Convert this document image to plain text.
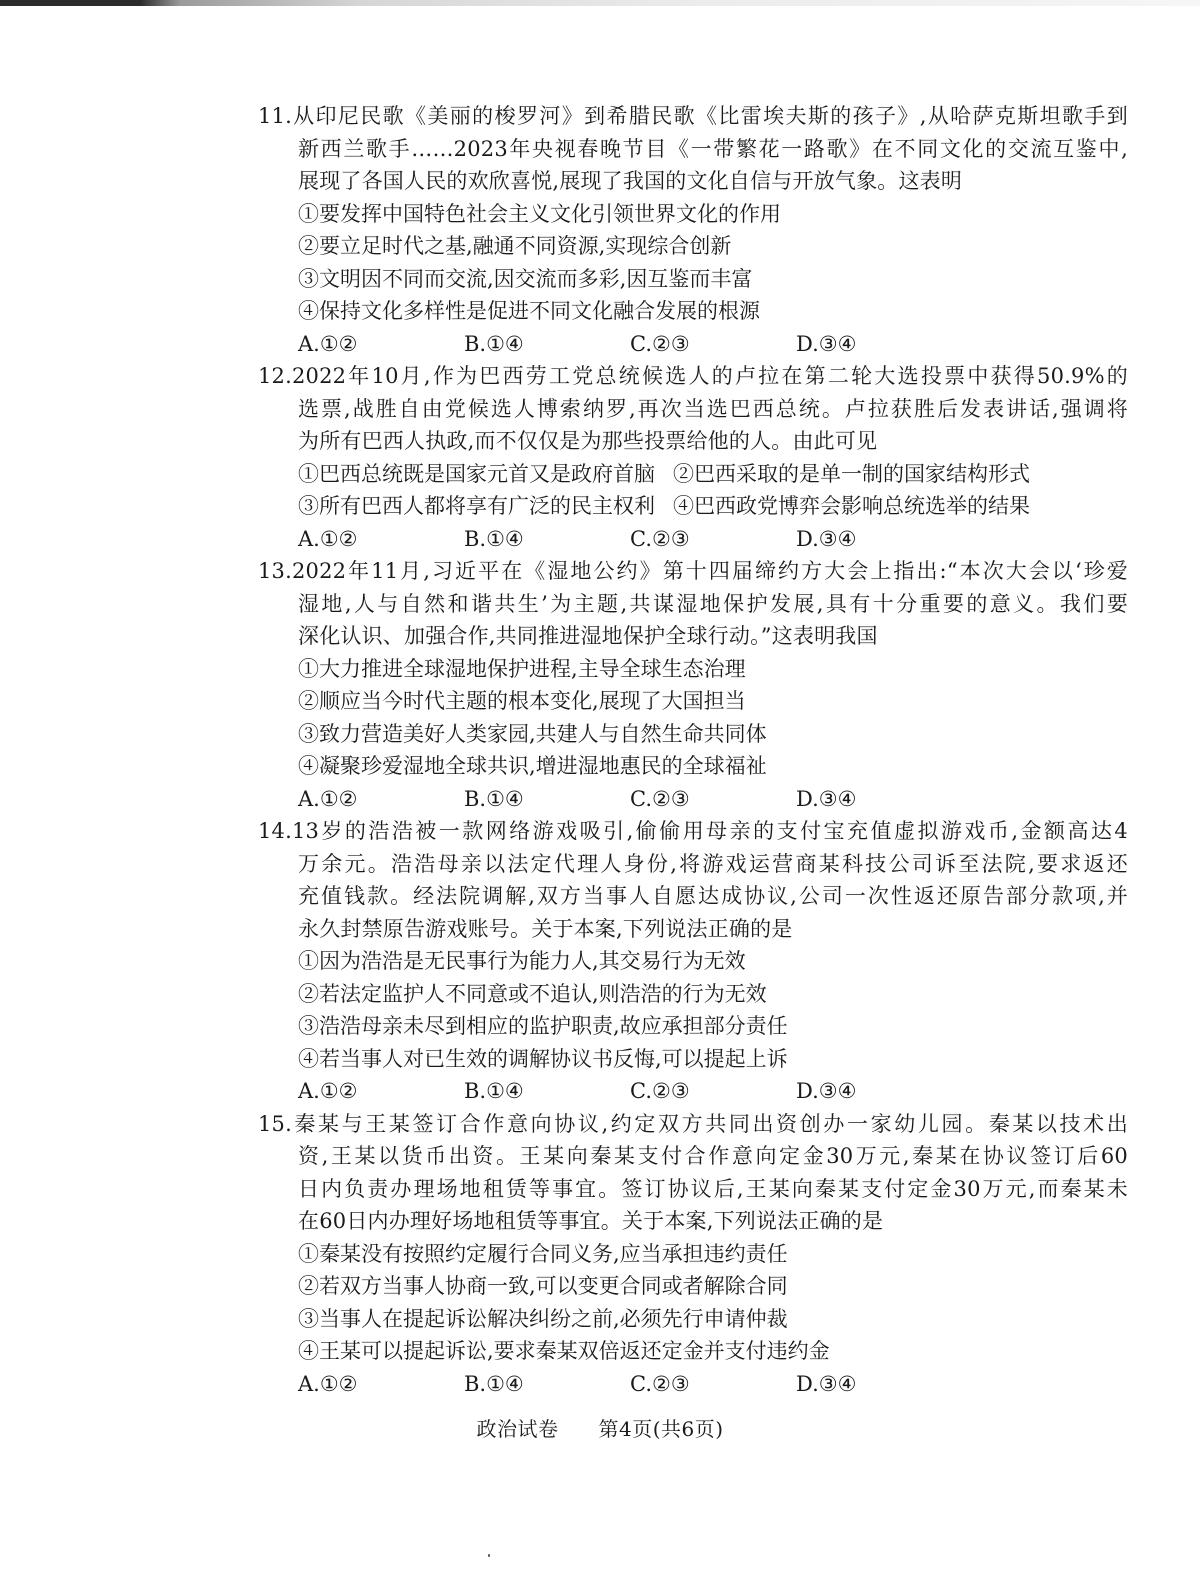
11.从印尼民歌《美丽的梭罗河》到希腊民歌《比雷埃夫斯的孩子》,从哈萨克斯坦歌手到
新西兰歌手……2023年央视春晚节目《一带繁花一路歌》在不同文化的交流互鉴中,
展现了各国人民的欢欣喜悦,展现了我国的文化自信与开放气象。这表明
①要发挥中国特色社会主义文化引领世界文化的作用
②要立足时代之基,融通不同资源,实现综合创新
③文明因不同而交流,因交流而多彩,因互鉴而丰富
④保持文化多样性是促进不同文化融合发展的根源
A.①②	B.①④	C.②③	D.③④
12.2022年10月,作为巴西劳工党总统候选人的卢拉在第二轮大选投票中获得50.9%的
选票,战胜自由党候选人博索纳罗,再次当选巴西总统。卢拉获胜后发表讲话,强调将
为所有巴西人执政,而不仅仅是为那些投票给他的人。由此可见
①巴西总统既是国家元首又是政府首脑 ②巴西采取的是单一制的国家结构形式
③所有巴西人都将享有广泛的民主权利 ④巴西政党博弈会影响总统选举的结果
A.①②	B.①④	C.②③	D.③④
13.2022年11月,习近平在《湿地公约》第十四届缔约方大会上指出:“本次大会以‘珍爱
湿地,人与自然和谐共生’为主题,共谋湿地保护发展,具有十分重要的意义。我们要
深化认识、加强合作,共同推进湿地保护全球行动。”这表明我国
①大力推进全球湿地保护进程,主导全球生态治理
②顺应当今时代主题的根本变化,展现了大国担当
③致力营造美好人类家园,共建人与自然生命共同体
④凝聚珍爱湿地全球共识,增进湿地惠民的全球福祉
A.①②	B.①④	C.②③	D.③④
14.13岁的浩浩被一款网络游戏吸引,偷偷用母亲的支付宝充值虚拟游戏币,金额高达4
万余元。浩浩母亲以法定代理人身份,将游戏运营商某科技公司诉至法院,要求返还
充值钱款。经法院调解,双方当事人自愿达成协议,公司一次性返还原告部分款项,并
永久封禁原告游戏账号。关于本案,下列说法正确的是
①因为浩浩是无民事行为能力人,其交易行为无效
②若法定监护人不同意或不追认,则浩浩的行为无效
③浩浩母亲未尽到相应的监护职责,故应承担部分责任
④若当事人对已生效的调解协议书反悔,可以提起上诉
A.①②	B.①④	C.②③	D.③④
15.秦某与王某签订合作意向协议,约定双方共同出资创办一家幼儿园。秦某以技术出
资,王某以货币出资。王某向秦某支付合作意向定金30万元,秦某在协议签订后60
日内负责办理场地租赁等事宜。签订协议后,王某向秦某支付定金30万元,而秦某未
在60日内办理好场地租赁等事宜。关于本案,下列说法正确的是
①秦某没有按照约定履行合同义务,应当承担违约责任
②若双方当事人协商一致,可以变更合同或者解除合同
③当事人在提起诉讼解决纠纷之前,必须先行申请仲裁
④王某可以提起诉讼,要求秦某双倍返还定金并支付违约金
A.①②	B.①④	C.②③	D.③④
政治试卷 第4页(共6页)
